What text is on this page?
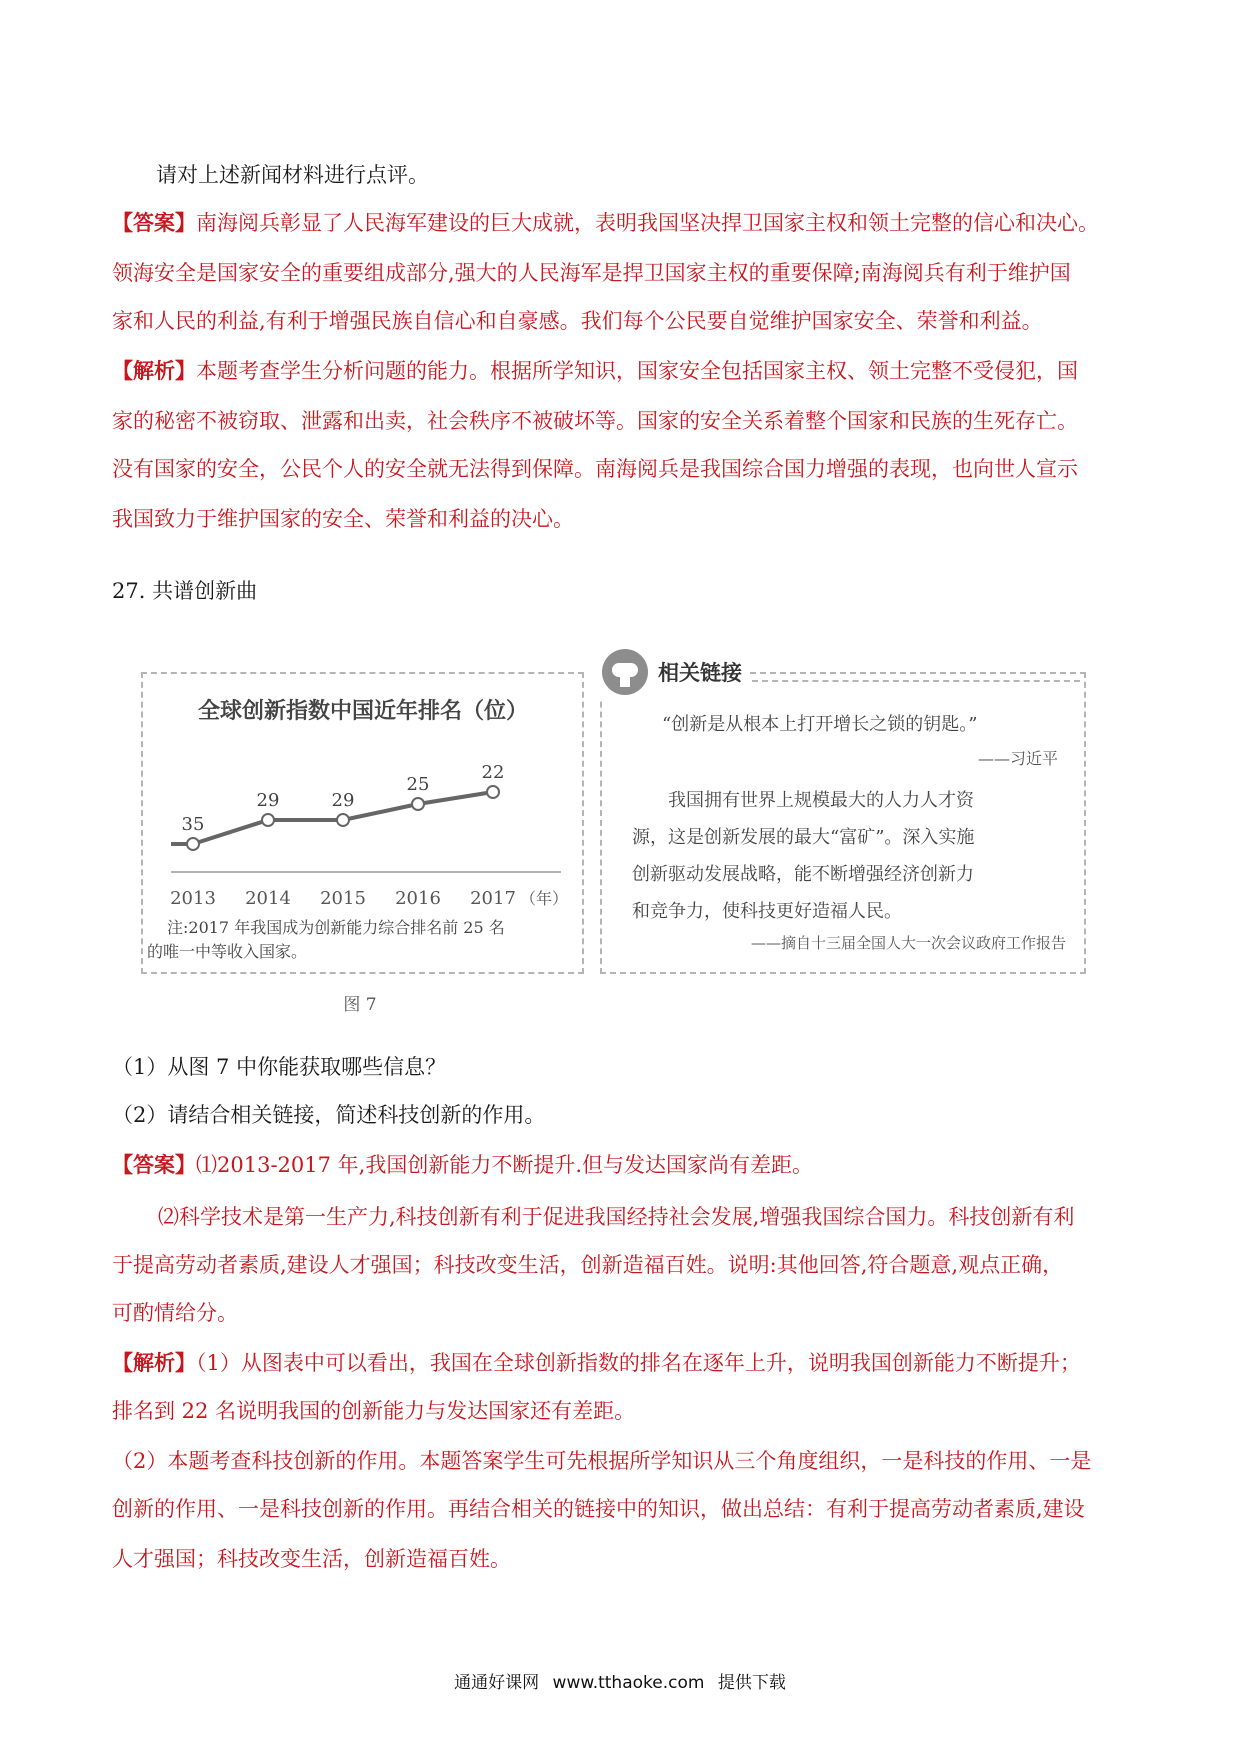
请对上述新闻材料进行点评。
【答案】南海阅兵彰显了人民海军建设的巨大成就，表明我国坚决捍卫国家主权和领土完整的信心和决心。
领海安全是国家安全的重要组成部分,强大的人民海军是捍卫国家主权的重要保障;南海阅兵有利于维护国
家和人民的利益,有利于增强民族自信心和自豪感。我们每个公民要自觉维护国家安全、荣誉和利益。
【解析】本题考查学生分析问题的能力。根据所学知识，国家安全包括国家主权、领土完整不受侵犯，国
家的秘密不被窃取、泄露和出卖，社会秩序不被破坏等。国家的安全关系着整个国家和民族的生死存亡。
没有国家的安全，公民个人的安全就无法得到保障。南海阅兵是我国综合国力增强的表现，也向世人宣示
我国致力于维护国家的安全、荣誉和利益的决心。
27. 共谱创新曲
全球创新指数中国近年排名（位）
35
2013
29
2014
29
2015
25
2016
22
2017 （年）
注:2017 年我国成为创新能力综合排名前 25 名
的唯一中等收入国家。
图 7
“创新是从根本上打开增长之锁的钥匙。”
——习近平
我国拥有世界上规模最大的人力人才资
源，这是创新发展的最大“富矿”。深入实施
创新驱动发展战略，能不断增强经济创新力
和竞争力，使科技更好造福人民。
——摘自十三届全国人大一次会议政府工作报告
相关链接
（1）从图 7 中你能获取哪些信息？
（2）请结合相关链接，简述科技创新的作用。
【答案】⑴2013-2017 年,我国创新能力不断提升.但与发达国家尚有差距。
⑵科学技术是第一生产力,科技创新有利于促进我国经持社会发展,增强我国综合国力。科技创新有利
于提高劳动者素质,建设人才强国；科技改变生活，创新造福百姓。说明:其他回答,符合题意,观点正确，
可酌情给分。
【解析】（1）从图表中可以看出，我国在全球创新指数的排名在逐年上升，说明我国创新能力不断提升；
排名到 22 名说明我国的创新能力与发达国家还有差距。
（2）本题考查科技创新的作用。本题答案学生可先根据所学知识从三个角度组织，一是科技的作用、一是
创新的作用、一是科技创新的作用。再结合相关的链接中的知识，做出总结：有利于提高劳动者素质,建设
人才强国；科技改变生活，创新造福百姓。
通通好课网 www.tthaoke.com 提供下载
